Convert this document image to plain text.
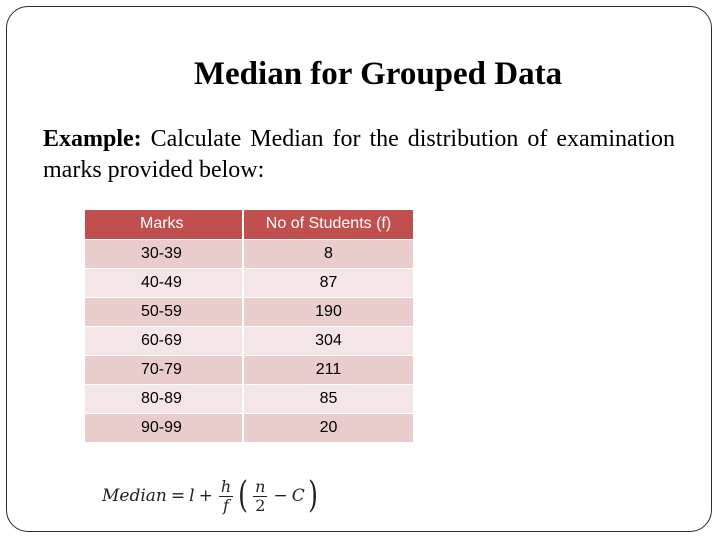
Median for Grouped Data
Example: Calculate Median for the distribution of examination marks provided below:
Marks	No of Students (f)
30-39	8
40-49	87
50-59	190
60-69	304
70-79	211
80-89	85
90-99	20
Median = $l + \frac{h}{f}$ ( $\frac{n}{2} - C$ )
